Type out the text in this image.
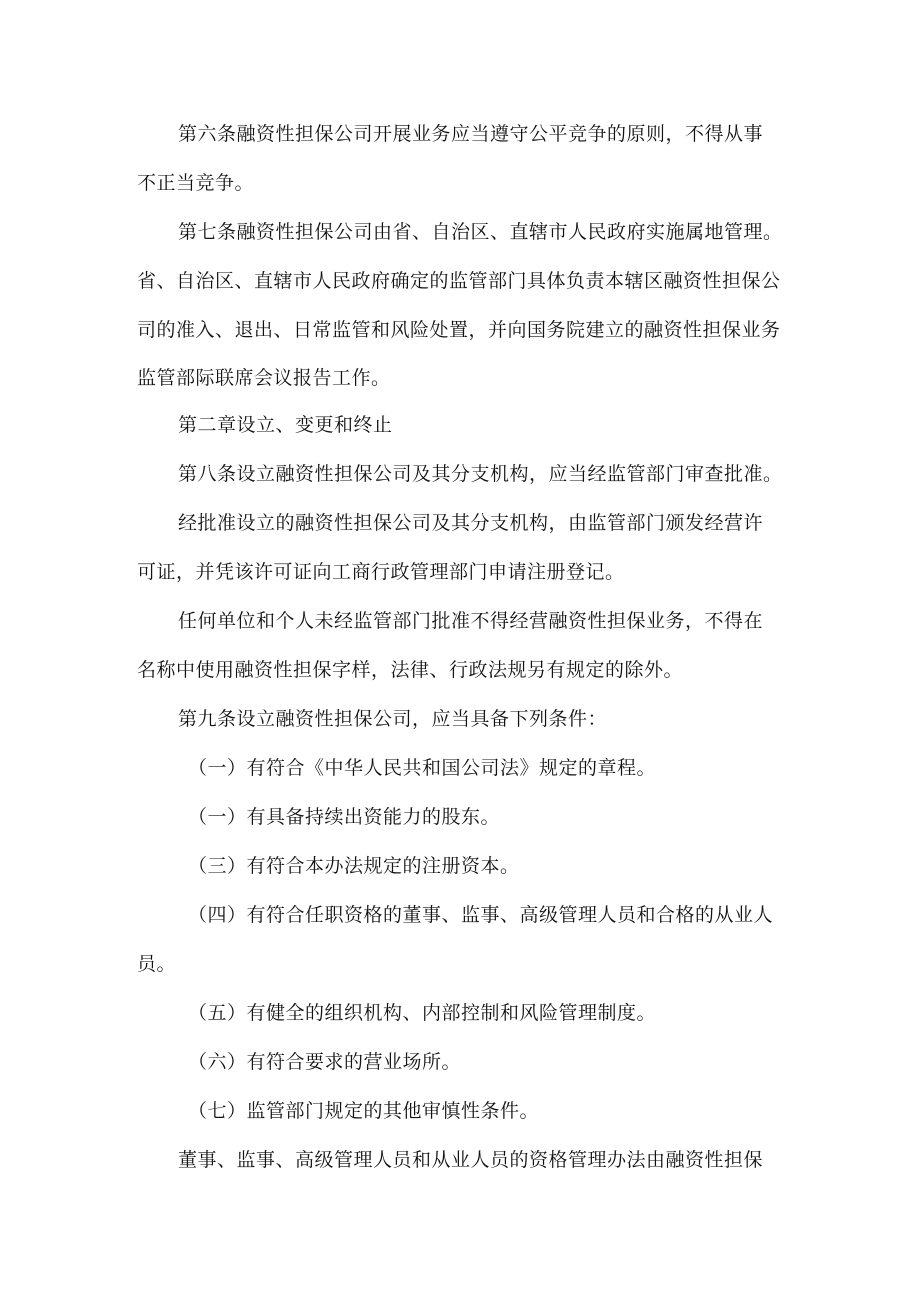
第六条融资性担保公司开展业务应当遵守公平竞争的原则，不得从事
不正当竞争。
第七条融资性担保公司由省、自治区、直辖市人民政府实施属地管理。
省、自治区、直辖市人民政府确定的监管部门具体负责本辖区融资性担保公
司的准入、退出、日常监管和风险处置，并向国务院建立的融资性担保业务
监管部际联席会议报告工作。
第二章设立、变更和终止
第八条设立融资性担保公司及其分支机构，应当经监管部门审查批准。
经批准设立的融资性担保公司及其分支机构，由监管部门颁发经营许
可证，并凭该许可证向工商行政管理部门申请注册登记。
任何单位和个人未经监管部门批准不得经营融资性担保业务，不得在
名称中使用融资性担保字样，法律、行政法规另有规定的除外。
第九条设立融资性担保公司，应当具备下列条件：
（一）有符合《中华人民共和国公司法》规定的章程。
（一）有具备持续出资能力的股东。
（三）有符合本办法规定的注册资本。
（四）有符合任职资格的董事、监事、高级管理人员和合格的从业人
员。
（五）有健全的组织机构、内部控制和风险管理制度。
（六）有符合要求的营业场所。
（七）监管部门规定的其他审慎性条件。
董事、监事、高级管理人员和从业人员的资格管理办法由融资性担保
